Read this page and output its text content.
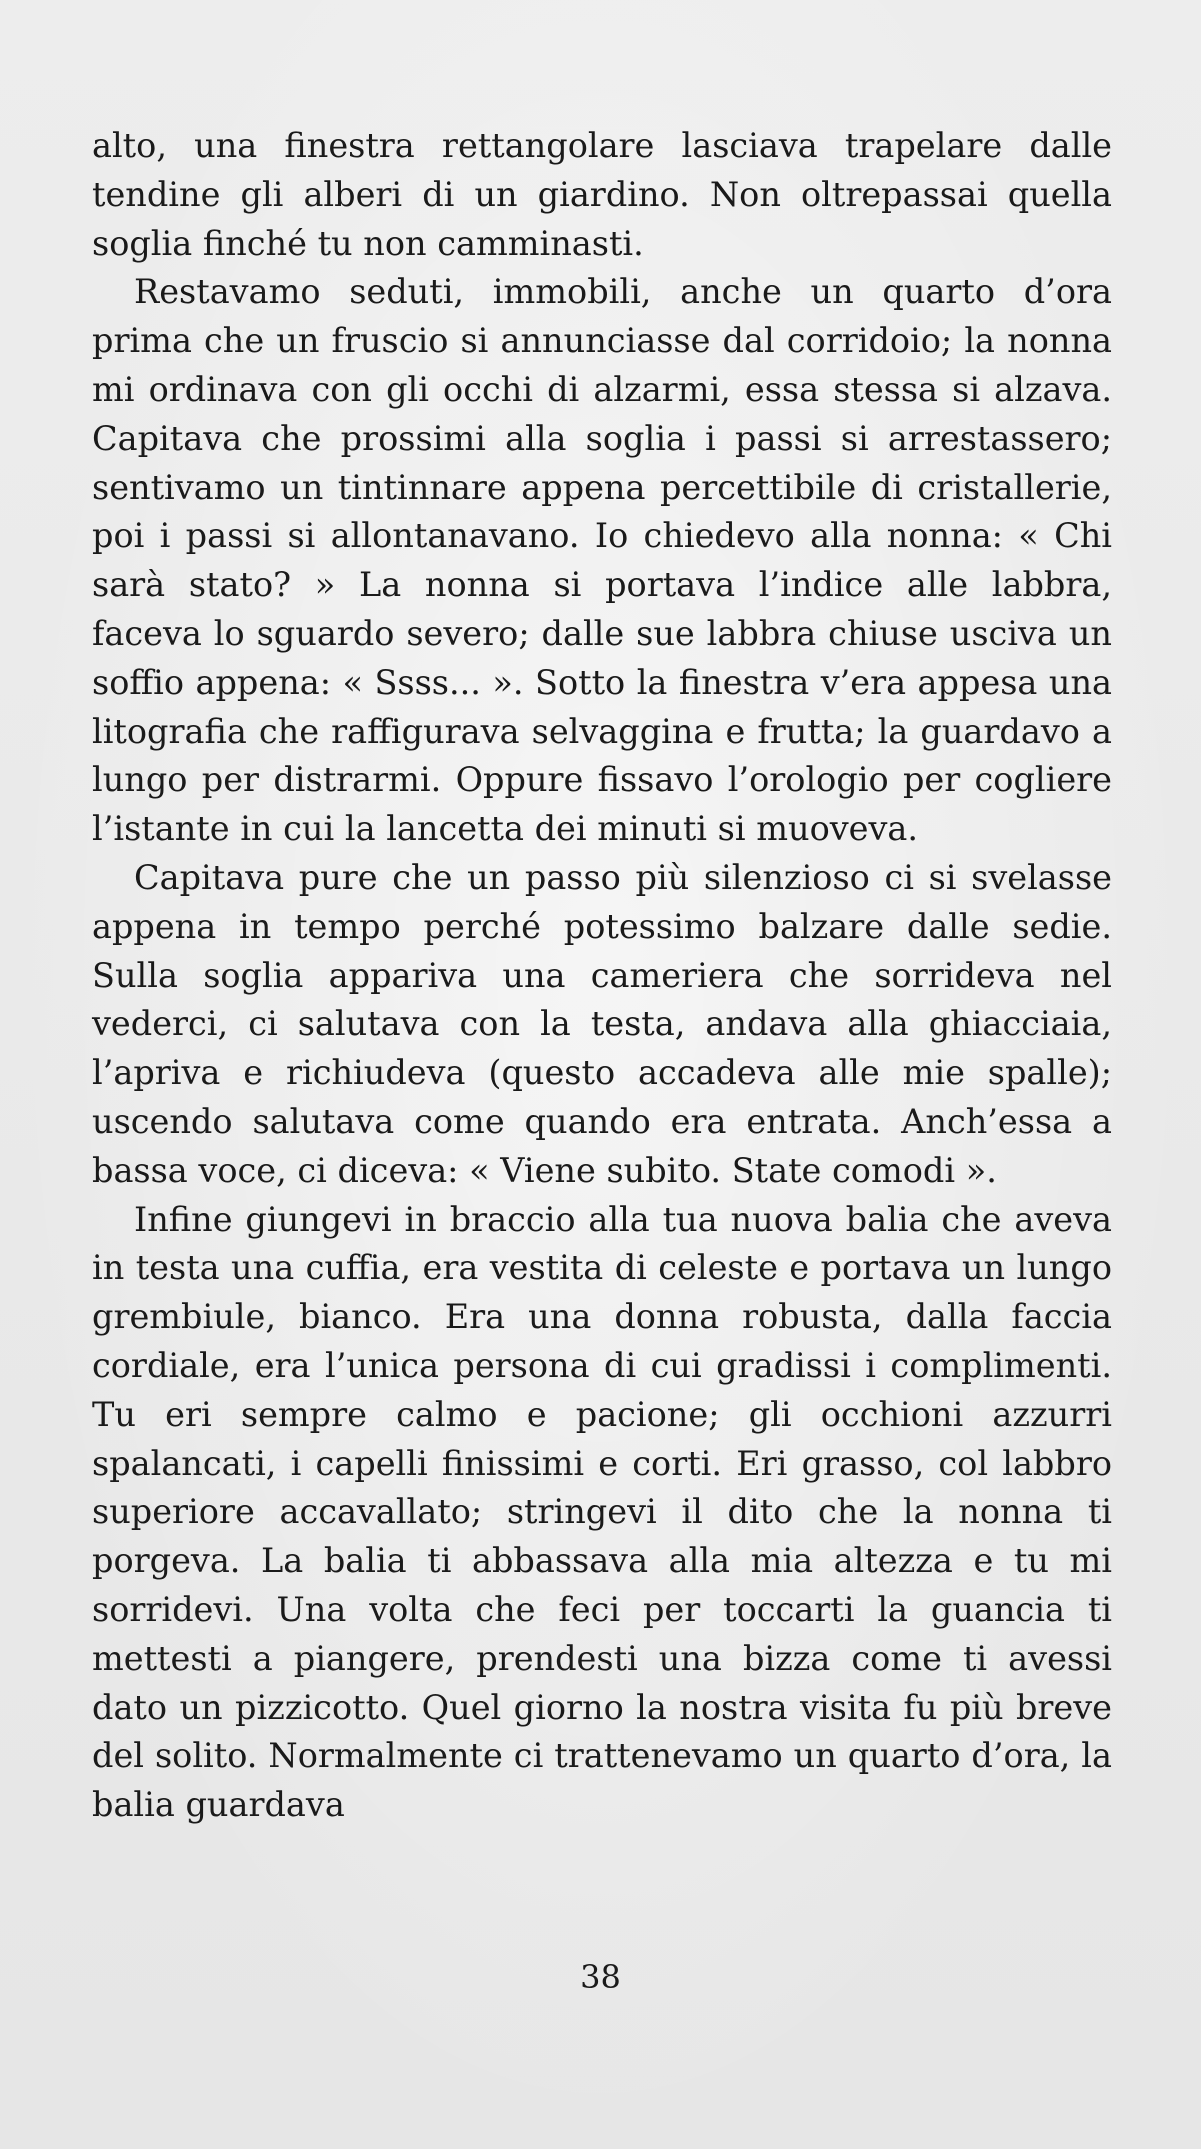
alto, una finestra rettangolare lasciava trapelare dalle tendine gli alberi di un giardino. Non oltrepassai quella soglia finché tu non camminasti.

Restavamo seduti, immobili, anche un quarto d’ora prima che un fruscio si annunciasse dal corridoio; la nonna mi ordinava con gli occhi di alzarmi, essa stessa si alzava. Capitava che prossimi alla soglia i passi si arrestassero; sentivamo un tintinnare appena percettibile di cristallerie, poi i passi si allontanavano. Io chiedevo alla nonna: « Chi sarà stato? » La nonna si portava l’indice alle labbra, faceva lo sguardo severo; dalle sue labbra chiuse usciva un soffio appena: « Ssss... ». Sotto la finestra v’era appesa una litografia che raffigurava selvaggina e frutta; la guardavo a lungo per distrarmi. Oppure fissavo l’orologio per cogliere l’istante in cui la lancetta dei minuti si muoveva.

Capitava pure che un passo più silenzioso ci si svelasse appena in tempo perché potessimo balzare dalle sedie. Sulla soglia appariva una cameriera che sorrideva nel vederci, ci salutava con la testa, andava alla ghiacciaia, l’apriva e richiudeva (questo accadeva alle mie spalle); uscendo salutava come quando era entrata. Anch’essa a bassa voce, ci diceva: « Viene subito. State comodi ».

Infine giungevi in braccio alla tua nuova balia che aveva in testa una cuffia, era vestita di celeste e portava un lungo grembiule, bianco. Era una donna robusta, dalla faccia cordiale, era l’unica persona di cui gradissi i complimenti. Tu eri sempre calmo e pacione; gli occhioni azzurri spalancati, i capelli finissimi e corti. Eri grasso, col labbro superiore accavallato; stringevi il dito che la nonna ti porgeva. La balia ti abbassava alla mia altezza e tu mi sorridevi. Una volta che feci per toccarti la guancia ti mettesti a piangere, prendesti una bizza come ti avessi dato un pizzicotto. Quel giorno la nostra visita fu più breve del solito. Normalmente ci trattenevamo un quarto d’ora, la balia guardava

38
